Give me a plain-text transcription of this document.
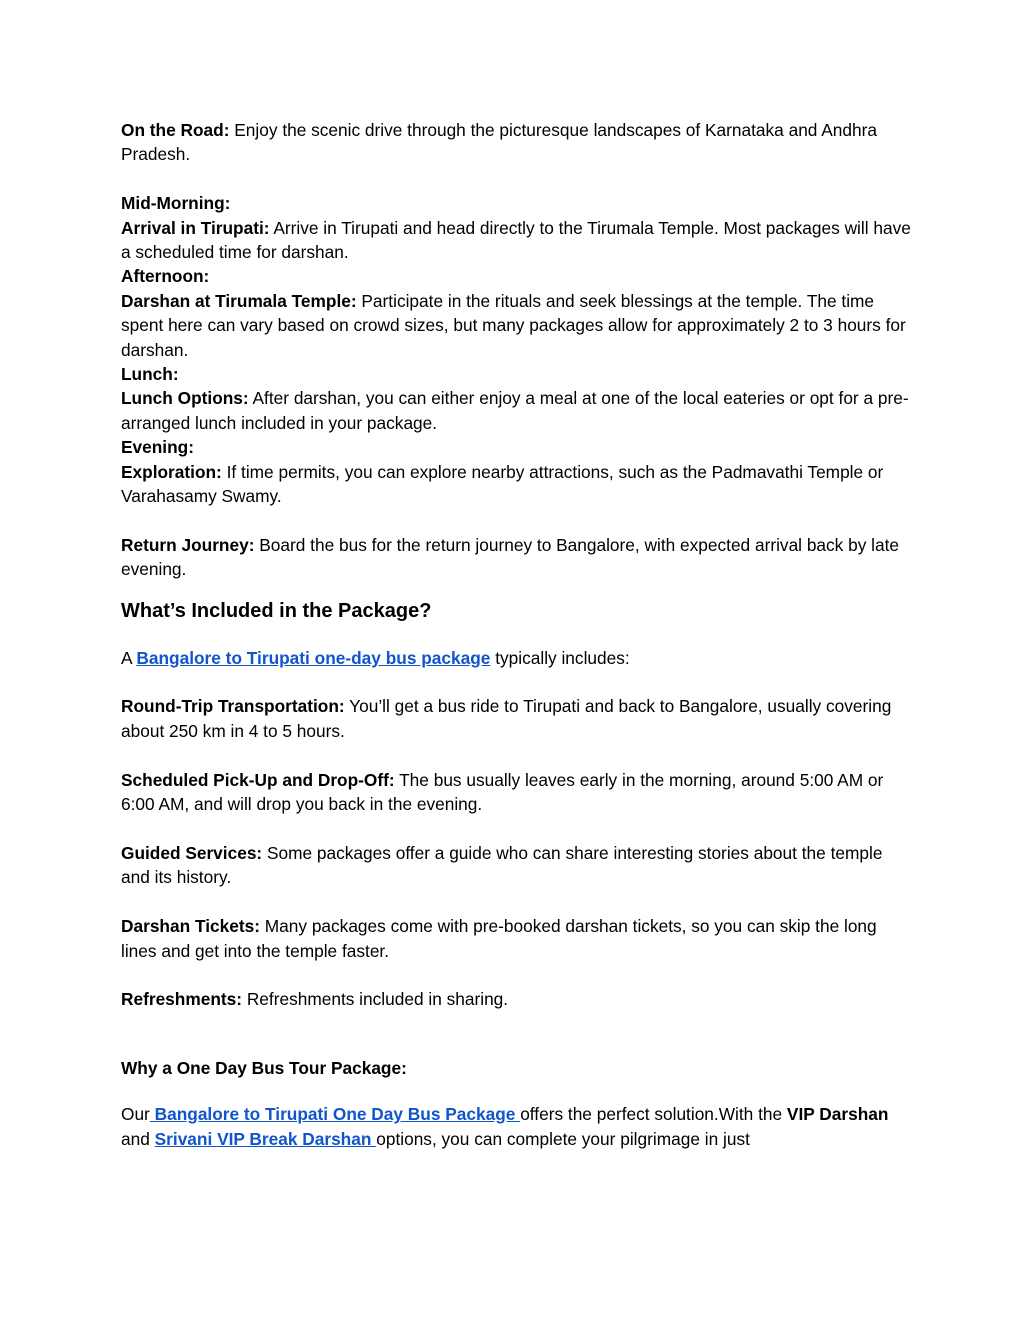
On the Road: Enjoy the scenic drive through the picturesque landscapes of Karnataka and Andhra Pradesh.

Mid-Morning:

Arrival in Tirupati: Arrive in Tirupati and head directly to the Tirumala Temple. Most packages will have a scheduled time for darshan.

Afternoon:

Darshan at Tirumala Temple: Participate in the rituals and seek blessings at the temple. The time spent here can vary based on crowd sizes, but many packages allow for approximately 2 to 3 hours for darshan.

Lunch:

Lunch Options: After darshan, you can either enjoy a meal at one of the local eateries or opt for a pre-arranged lunch included in your package.

Evening:

Exploration: If time permits, you can explore nearby attractions, such as the Padmavathi Temple or Varahasamy Swamy.

Return Journey: Board the bus for the return journey to Bangalore, with expected arrival back by late evening.

What’s Included in the Package?

A Bangalore to Tirupati one-day bus package typically includes:

Round-Trip Transportation: You’ll get a bus ride to Tirupati and back to Bangalore, usually covering about 250 km in 4 to 5 hours.

Scheduled Pick-Up and Drop-Off: The bus usually leaves early in the morning, around 5:00 AM or 6:00 AM, and will drop you back in the evening.

Guided Services: Some packages offer a guide who can share interesting stories about the temple and its history.

Darshan Tickets: Many packages come with pre-booked darshan tickets, so you can skip the long lines and get into the temple faster.

Refreshments: Refreshments included in sharing.

Why a One Day Bus Tour Package:

Our Bangalore to Tirupati One Day Bus Package offers the perfect solution.With the VIP Darshan and Srivani VIP Break Darshan options, you can complete your pilgrimage in just
